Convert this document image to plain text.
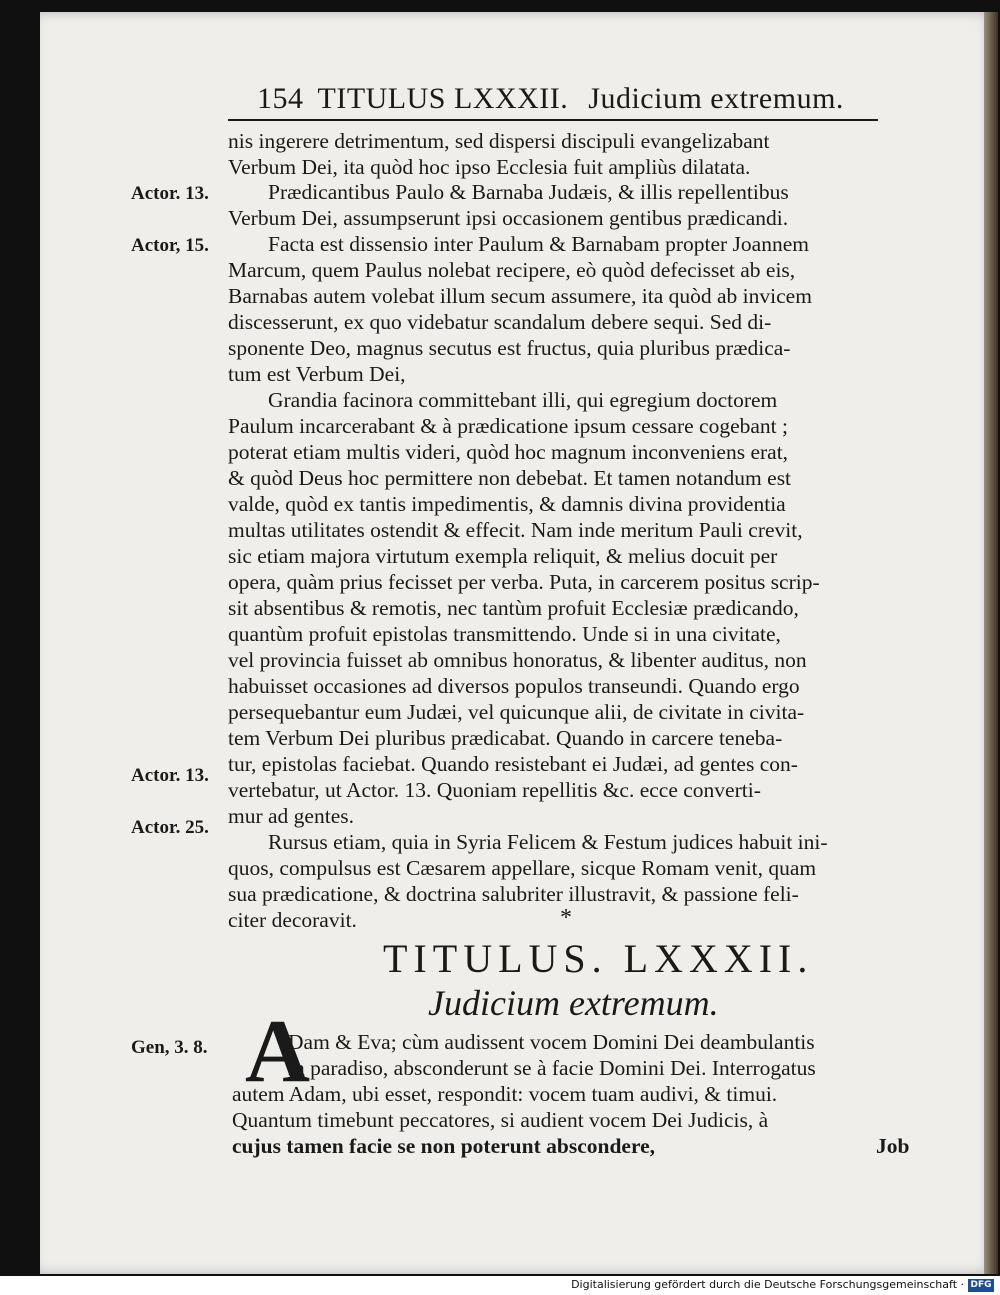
154 TITULUS LXXXII. Judicium extremum.
Actor. 13.
Actor, 15.
Actor. 13.
Actor. 25.
Gen, 3. 8.
nis ingerere detrimentum, sed dispersi discipuli evangelizabant
Verbum Dei, ita quòd hoc ipso Ecclesia fuit ampliùs dilatata.
Prædicantibus Paulo & Barnaba Judæis, & illis repellentibus
Verbum Dei, assumpserunt ipsi occasionem gentibus prædicandi.
Facta est dissensio inter Paulum & Barnabam propter Joannem
Marcum, quem Paulus nolebat recipere, eò quòd defecisset ab eis,
Barnabas autem volebat illum secum assumere, ita quòd ab invicem
discesserunt, ex quo videbatur scandalum debere sequi. Sed di-
sponente Deo, magnus secutus est fructus, quia pluribus prædica-
tum est Verbum Dei,
Grandia facinora committebant illi, qui egregium doctorem
Paulum incarcerabant & à prædicatione ipsum cessare cogebant ;
poterat etiam multis videri, quòd hoc magnum inconveniens erat,
& quòd Deus hoc permittere non debebat. Et tamen notandum est
valde, quòd ex tantis impedimentis, & damnis divina providentia
multas utilitates ostendit & effecit. Nam inde meritum Pauli crevit,
sic etiam majora virtutum exempla reliquit, & melius docuit per
opera, quàm prius fecisset per verba. Puta, in carcerem positus scrip-
sit absentibus & remotis, nec tantùm profuit Ecclesiæ prædicando,
quantùm profuit epistolas transmittendo. Unde si in una civitate,
vel provincia fuisset ab omnibus honoratus, & libenter auditus, non
habuisset occasiones ad diversos populos transeundi. Quando ergo
persequebantur eum Judæi, vel quicunque alii, de civitate in civita-
tem Verbum Dei pluribus prædicabat. Quando in carcere teneba-
tur, epistolas faciebat. Quando resistebant ei Judæi, ad gentes con-
vertebatur, ut Actor. 13. Quoniam repellitis &c. ecce converti-
mur ad gentes.
Rursus etiam, quia in Syria Felicem & Festum judices habuit ini-
quos, compulsus est Cæsarem appellare, sicque Romam venit, quam
sua prædicatione, & doctrina salubriter illustravit, & passione feli-
citer decoravit.	*
TITULUS. LXXXII.
Judicium extremum.
A
Dam & Eva; cùm audissent vocem Domini Dei deambulantis
in paradiso, absconderunt se à facie Domini Dei. Interrogatus
autem Adam, ubi esset, respondit: vocem tuam audivi, & timui.
Quantum timebunt peccatores, si audient vocem Dei Judicis, à
cujus tamen facie se non poterunt abscondere,	Job
Digitalisierung gefördert durch die Deutsche Forschungsgemeinschaft · DFG
